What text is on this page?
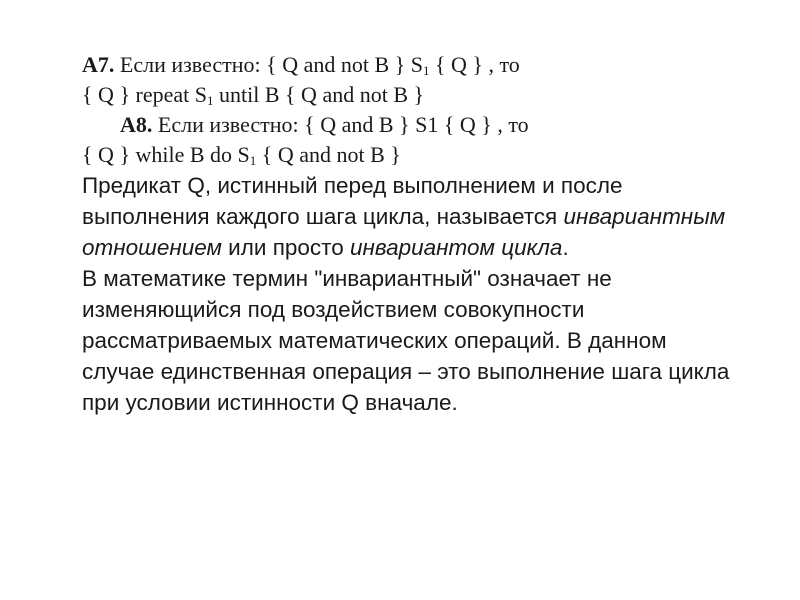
А7. Если известно: { Q and not B } $S_1$ { Q } , то
{ Q } repeat $S_1$ until B { Q and not B }
А8. Если известно: { Q and B } S1 { Q } , то
{ Q } while B do $S_1$ { Q and not B }

Предикат Q, истинный перед выполнением и после выполнения каждого шага цикла, называется инвариантным отношением или просто инвариантом цикла.

В математике термин "инвариантный" означает не изменяющийся под воздействием совокупности рассматриваемых математических операций. В данном случае единственная операция – это выполнение шага цикла при условии истинности Q вначале.
